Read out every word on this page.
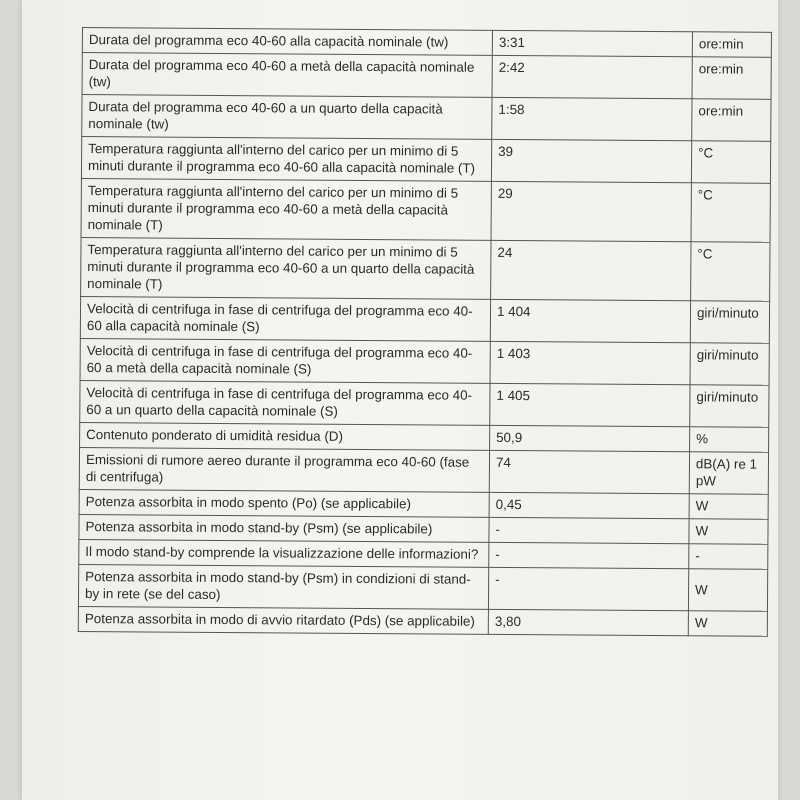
Durata del programma eco 40-60 alla capacità nominale (tw)	3:31	ore:min
Durata del programma eco 40-60 a metà della capacità nominale (tw)	2:42	ore:min
Durata del programma eco 40-60 a un quarto della capacità nominale (tw)	1:58	ore:min
Temperatura raggiunta all'interno del carico per un minimo di 5 minuti durante il programma eco 40-60 alla capacità nominale (T)	39	°C
Temperatura raggiunta all'interno del carico per un minimo di 5 minuti durante il programma eco 40-60 a metà della capacità nominale (T)	29	°C
Temperatura raggiunta all'interno del carico per un minimo di 5 minuti durante il programma eco 40-60 a un quarto della capacità nominale (T)	24	°C
Velocità di centrifuga in fase di centrifuga del programma eco 40-60 alla capacità nominale (S)	1 404	giri/minuto
Velocità di centrifuga in fase di centrifuga del programma eco 40-60 a metà della capacità nominale (S)	1 403	giri/minuto
Velocità di centrifuga in fase di centrifuga del programma eco 40-60 a un quarto della capacità nominale (S)	1 405	giri/minuto
Contenuto ponderato di umidità residua (D)	50,9	%
Emissioni di rumore aereo durante il programma eco 40-60 (fase di centrifuga)	74	dB(A) re 1 pW
Potenza assorbita in modo spento (Po) (se applicabile)	0,45	W
Potenza assorbita in modo stand-by (Psm) (se applicabile)	-	W
Il modo stand-by comprende la visualizzazione delle informazioni?	-	-
Potenza assorbita in modo stand-by (Psm) in condizioni di stand-by in rete (se del caso)	-	W
Potenza assorbita in modo di avvio ritardato (Pds) (se applicabile)	3,80	W
